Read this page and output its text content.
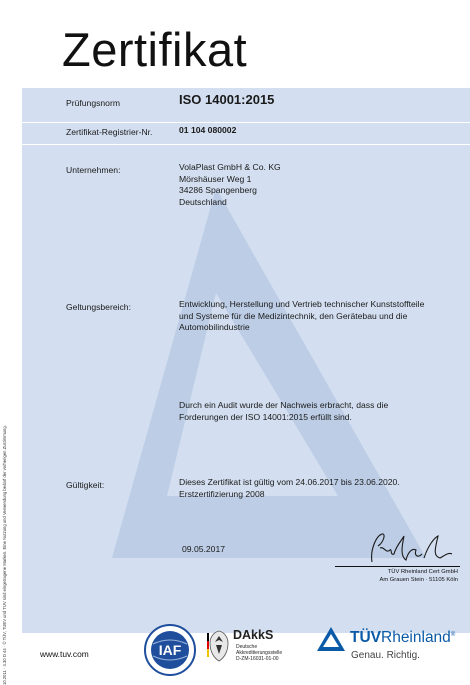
10.2011 · 4.30 D 44 · © TÜV, TUEV und TUV sind eingetragene Marken. Eine Nutzung und Verwendung bedarf der vorherigen Zustimmung.
Zertifikat
Prüfungsnorm	ISO 14001:2015
Zertifikat-Registrier-Nr.	01 104 080002
Unternehmen:	VolaPlast GmbH & Co. KG
Mörshäuser Weg 1
34286 Spangenberg
Deutschland
Geltungsbereich:	Entwicklung, Herstellung und Vertrieb technischer Kunststoffteile
und Systeme für die Medizintechnik, den Gerätebau und die
Automobilindustrie
Durch ein Audit wurde der Nachweis erbracht, dass die
Forderungen der ISO 14001:2015 erfüllt sind.
Gültigkeit:	Dieses Zertifikat ist gültig vom 24.06.2017 bis 23.06.2020.
Erstzertifizierung 2008
09.05.2017
TÜV Rheinland Cert GmbH
Am Grauen Stein · 51105 Köln
www.tuv.com	IAF
DAkkS
Deutsche
Akkreditierungsstelle
D-ZM-16031-01-00
TÜVRheinland®
Genau. Richtig.
